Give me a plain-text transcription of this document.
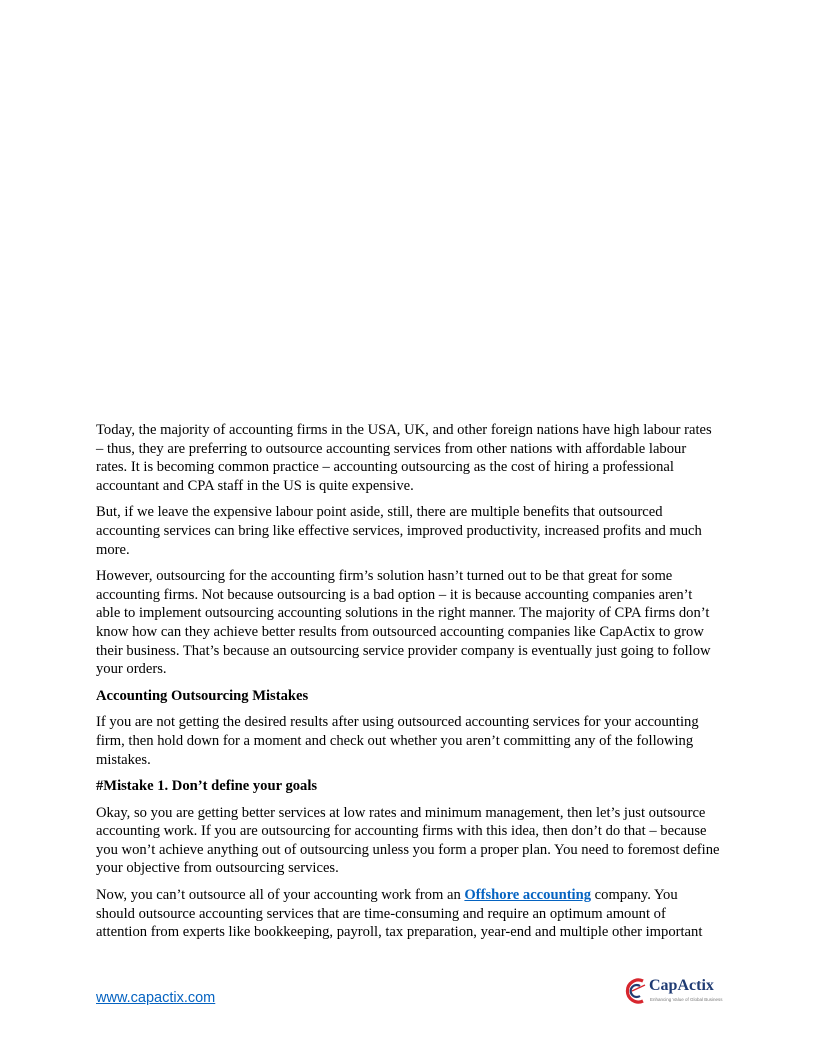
Today, the majority of accounting firms in the USA, UK, and other foreign nations have high labour rates – thus, they are preferring to outsource accounting services from other nations with affordable labour rates. It is becoming common practice – accounting outsourcing as the cost of hiring a professional accountant and CPA staff in the US is quite expensive.

But, if we leave the expensive labour point aside, still, there are multiple benefits that outsourced accounting services can bring like effective services, improved productivity, increased profits and much more.

However, outsourcing for the accounting firm’s solution hasn’t turned out to be that great for some accounting firms. Not because outsourcing is a bad option – it is because accounting companies aren’t able to implement outsourcing accounting solutions in the right manner. The majority of CPA firms don’t know how can they achieve better results from outsourced accounting companies like CapActix to grow their business. That’s because an outsourcing service provider company is eventually just going to follow your orders.

Accounting Outsourcing Mistakes

If you are not getting the desired results after using outsourced accounting services for your accounting firm, then hold down for a moment and check out whether you aren’t committing any of the following mistakes.

#Mistake 1. Don’t define your goals

Okay, so you are getting better services at low rates and minimum management, then let’s just outsource accounting work. If you are outsourcing for accounting firms with this idea, then don’t do that – because you won’t achieve anything out of outsourcing unless you form a proper plan. You need to foremost define your objective from outsourcing services.

Now, you can’t outsource all of your accounting work from an Offshore accounting company. You should outsource accounting services that are time-consuming and require an optimum amount of attention from experts like bookkeeping, payroll, tax preparation, year-end and multiple other important

www.capactix.com
CapActix
Enhancing Value of Global Business
